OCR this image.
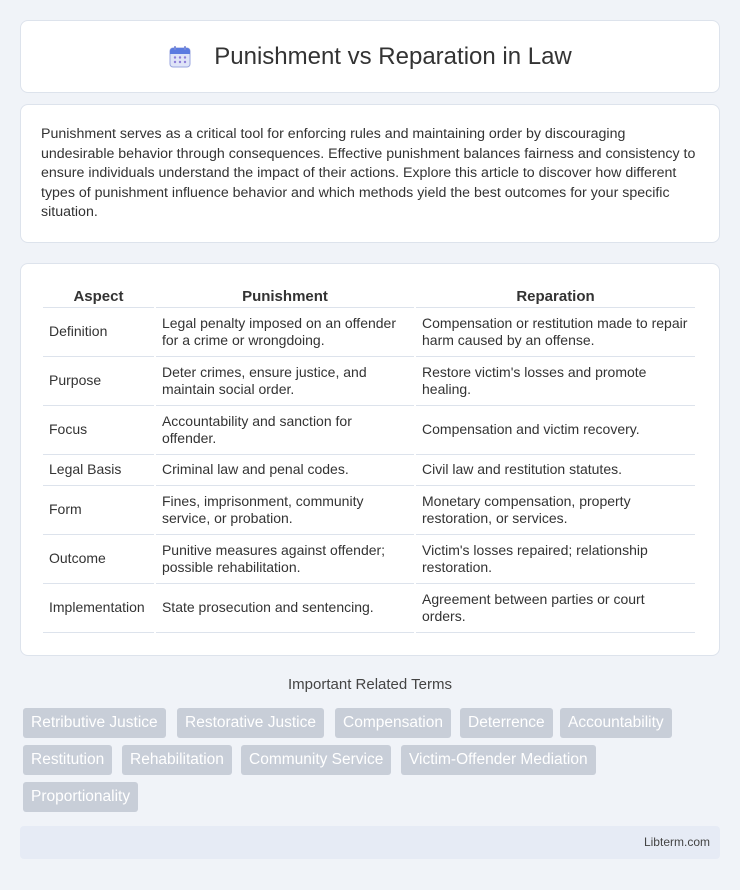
Punishment vs Reparation in Law

Punishment serves as a critical tool for enforcing rules and maintaining order by discouraging undesirable behavior through consequences. Effective punishment balances fairness and consistency to ensure individuals understand the impact of their actions. Explore this article to discover how different types of punishment influence behavior and which methods yield the best outcomes for your specific situation.

Aspect	Punishment	Reparation
Definition	Legal penalty imposed on an offender for a crime or wrongdoing.	Compensation or restitution made to repair harm caused by an offense.
Purpose	Deter crimes, ensure justice, and maintain social order.	Restore victim's losses and promote healing.
Focus	Accountability and sanction for offender.	Compensation and victim recovery.
Legal Basis	Criminal law and penal codes.	Civil law and restitution statutes.
Form	Fines, imprisonment, community service, or probation.	Monetary compensation, property restoration, or services.
Outcome	Punitive measures against offender; possible rehabilitation.	Victim's losses repaired; relationship restoration.
Implementation	State prosecution and sentencing.	Agreement between parties or court orders.
Important Related Terms
Retributive Justice	Restorative Justice	Compensation	Deterrence	Accountability
Restitution	Rehabilitation	Community Service	Victim-Offender Mediation
Proportionality
Libterm.com
